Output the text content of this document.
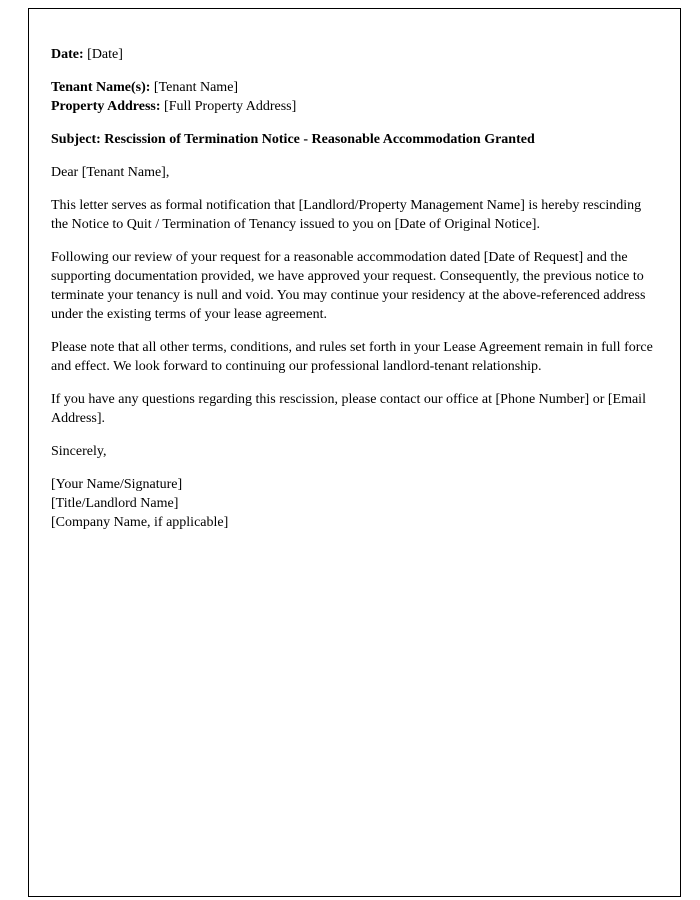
Date: [Date]

Tenant Name(s): [Tenant Name]

Property Address: [Full Property Address]

Subject: Rescission of Termination Notice - Reasonable Accommodation Granted

Dear [Tenant Name],

This letter serves as formal notification that [Landlord/Property Management Name] is hereby rescinding the Notice to Quit / Termination of Tenancy issued to you on [Date of Original Notice].

Following our review of your request for a reasonable accommodation dated [Date of Request] and the supporting documentation provided, we have approved your request. Consequently, the previous notice to terminate your tenancy is null and void. You may continue your residency at the above-referenced address under the existing terms of your lease agreement.

Please note that all other terms, conditions, and rules set forth in your Lease Agreement remain in full force and effect. We look forward to continuing our professional landlord-tenant relationship.

If you have any questions regarding this rescission, please contact our office at [Phone Number] or [Email Address].

Sincerely,

[Your Name/Signature]

[Title/Landlord Name]

[Company Name, if applicable]
